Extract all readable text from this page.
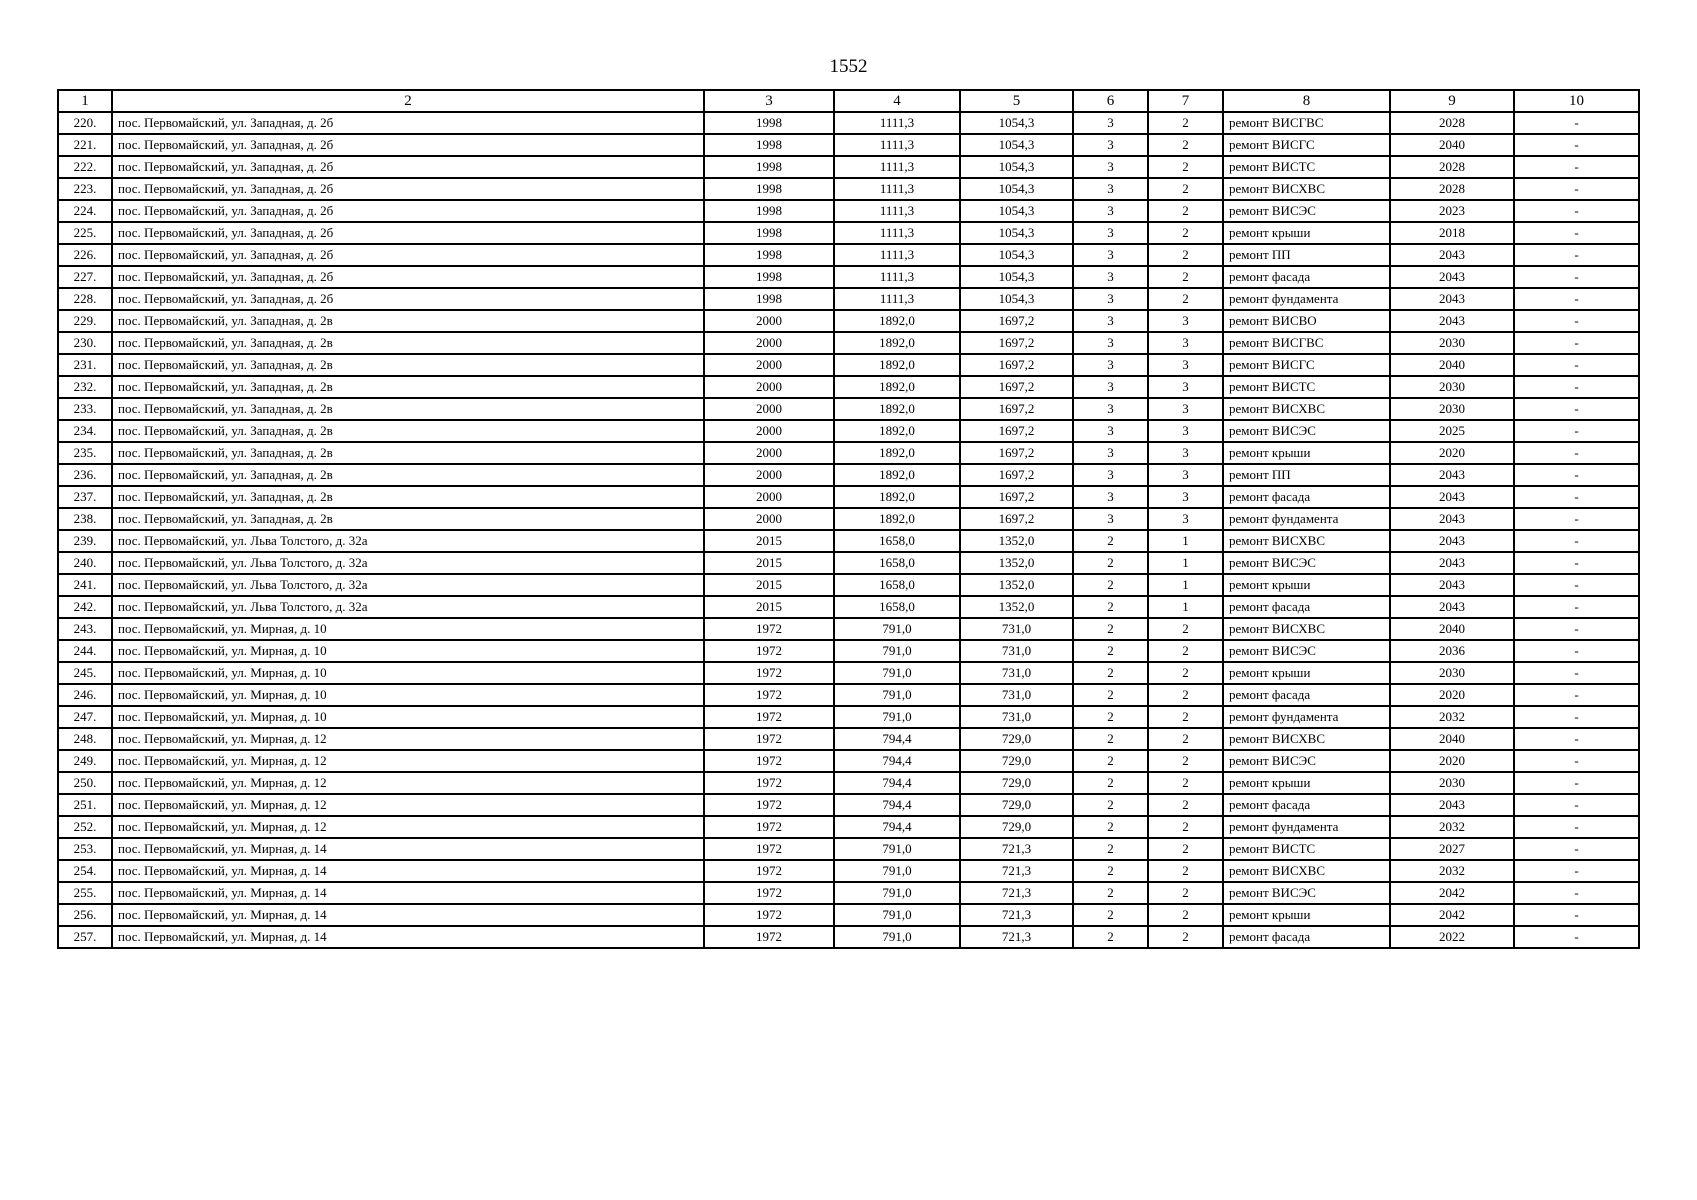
1552
1	2	3	4	5	6	7	8	9	10
220.	пос. Первомайский, ул. Западная, д. 2б	1998	1111,3	1054,3	3	2	ремонт ВИСГВС	2028	-
221.	пос. Первомайский, ул. Западная, д. 2б	1998	1111,3	1054,3	3	2	ремонт ВИСГС	2040	-
222.	пос. Первомайский, ул. Западная, д. 2б	1998	1111,3	1054,3	3	2	ремонт ВИСТС	2028	-
223.	пос. Первомайский, ул. Западная, д. 2б	1998	1111,3	1054,3	3	2	ремонт ВИСХВС	2028	-
224.	пос. Первомайский, ул. Западная, д. 2б	1998	1111,3	1054,3	3	2	ремонт ВИСЭС	2023	-
225.	пос. Первомайский, ул. Западная, д. 2б	1998	1111,3	1054,3	3	2	ремонт крыши	2018	-
226.	пос. Первомайский, ул. Западная, д. 2б	1998	1111,3	1054,3	3	2	ремонт ПП	2043	-
227.	пос. Первомайский, ул. Западная, д. 2б	1998	1111,3	1054,3	3	2	ремонт фасада	2043	-
228.	пос. Первомайский, ул. Западная, д. 2б	1998	1111,3	1054,3	3	2	ремонт фундамента	2043	-
229.	пос. Первомайский, ул. Западная, д. 2в	2000	1892,0	1697,2	3	3	ремонт ВИСВО	2043	-
230.	пос. Первомайский, ул. Западная, д. 2в	2000	1892,0	1697,2	3	3	ремонт ВИСГВС	2030	-
231.	пос. Первомайский, ул. Западная, д. 2в	2000	1892,0	1697,2	3	3	ремонт ВИСГС	2040	-
232.	пос. Первомайский, ул. Западная, д. 2в	2000	1892,0	1697,2	3	3	ремонт ВИСТС	2030	-
233.	пос. Первомайский, ул. Западная, д. 2в	2000	1892,0	1697,2	3	3	ремонт ВИСХВС	2030	-
234.	пос. Первомайский, ул. Западная, д. 2в	2000	1892,0	1697,2	3	3	ремонт ВИСЭС	2025	-
235.	пос. Первомайский, ул. Западная, д. 2в	2000	1892,0	1697,2	3	3	ремонт крыши	2020	-
236.	пос. Первомайский, ул. Западная, д. 2в	2000	1892,0	1697,2	3	3	ремонт ПП	2043	-
237.	пос. Первомайский, ул. Западная, д. 2в	2000	1892,0	1697,2	3	3	ремонт фасада	2043	-
238.	пос. Первомайский, ул. Западная, д. 2в	2000	1892,0	1697,2	3	3	ремонт фундамента	2043	-
239.	пос. Первомайский, ул. Льва Толстого, д. 32а	2015	1658,0	1352,0	2	1	ремонт ВИСХВС	2043	-
240.	пос. Первомайский, ул. Льва Толстого, д. 32а	2015	1658,0	1352,0	2	1	ремонт ВИСЭС	2043	-
241.	пос. Первомайский, ул. Льва Толстого, д. 32а	2015	1658,0	1352,0	2	1	ремонт крыши	2043	-
242.	пос. Первомайский, ул. Льва Толстого, д. 32а	2015	1658,0	1352,0	2	1	ремонт фасада	2043	-
243.	пос. Первомайский, ул. Мирная, д. 10	1972	791,0	731,0	2	2	ремонт ВИСХВС	2040	-
244.	пос. Первомайский, ул. Мирная, д. 10	1972	791,0	731,0	2	2	ремонт ВИСЭС	2036	-
245.	пос. Первомайский, ул. Мирная, д. 10	1972	791,0	731,0	2	2	ремонт крыши	2030	-
246.	пос. Первомайский, ул. Мирная, д. 10	1972	791,0	731,0	2	2	ремонт фасада	2020	-
247.	пос. Первомайский, ул. Мирная, д. 10	1972	791,0	731,0	2	2	ремонт фундамента	2032	-
248.	пос. Первомайский, ул. Мирная, д. 12	1972	794,4	729,0	2	2	ремонт ВИСХВС	2040	-
249.	пос. Первомайский, ул. Мирная, д. 12	1972	794,4	729,0	2	2	ремонт ВИСЭС	2020	-
250.	пос. Первомайский, ул. Мирная, д. 12	1972	794,4	729,0	2	2	ремонт крыши	2030	-
251.	пос. Первомайский, ул. Мирная, д. 12	1972	794,4	729,0	2	2	ремонт фасада	2043	-
252.	пос. Первомайский, ул. Мирная, д. 12	1972	794,4	729,0	2	2	ремонт фундамента	2032	-
253.	пос. Первомайский, ул. Мирная, д. 14	1972	791,0	721,3	2	2	ремонт ВИСТС	2027	-
254.	пос. Первомайский, ул. Мирная, д. 14	1972	791,0	721,3	2	2	ремонт ВИСХВС	2032	-
255.	пос. Первомайский, ул. Мирная, д. 14	1972	791,0	721,3	2	2	ремонт ВИСЭС	2042	-
256.	пос. Первомайский, ул. Мирная, д. 14	1972	791,0	721,3	2	2	ремонт крыши	2042	-
257.	пос. Первомайский, ул. Мирная, д. 14	1972	791,0	721,3	2	2	ремонт фасада	2022	-
